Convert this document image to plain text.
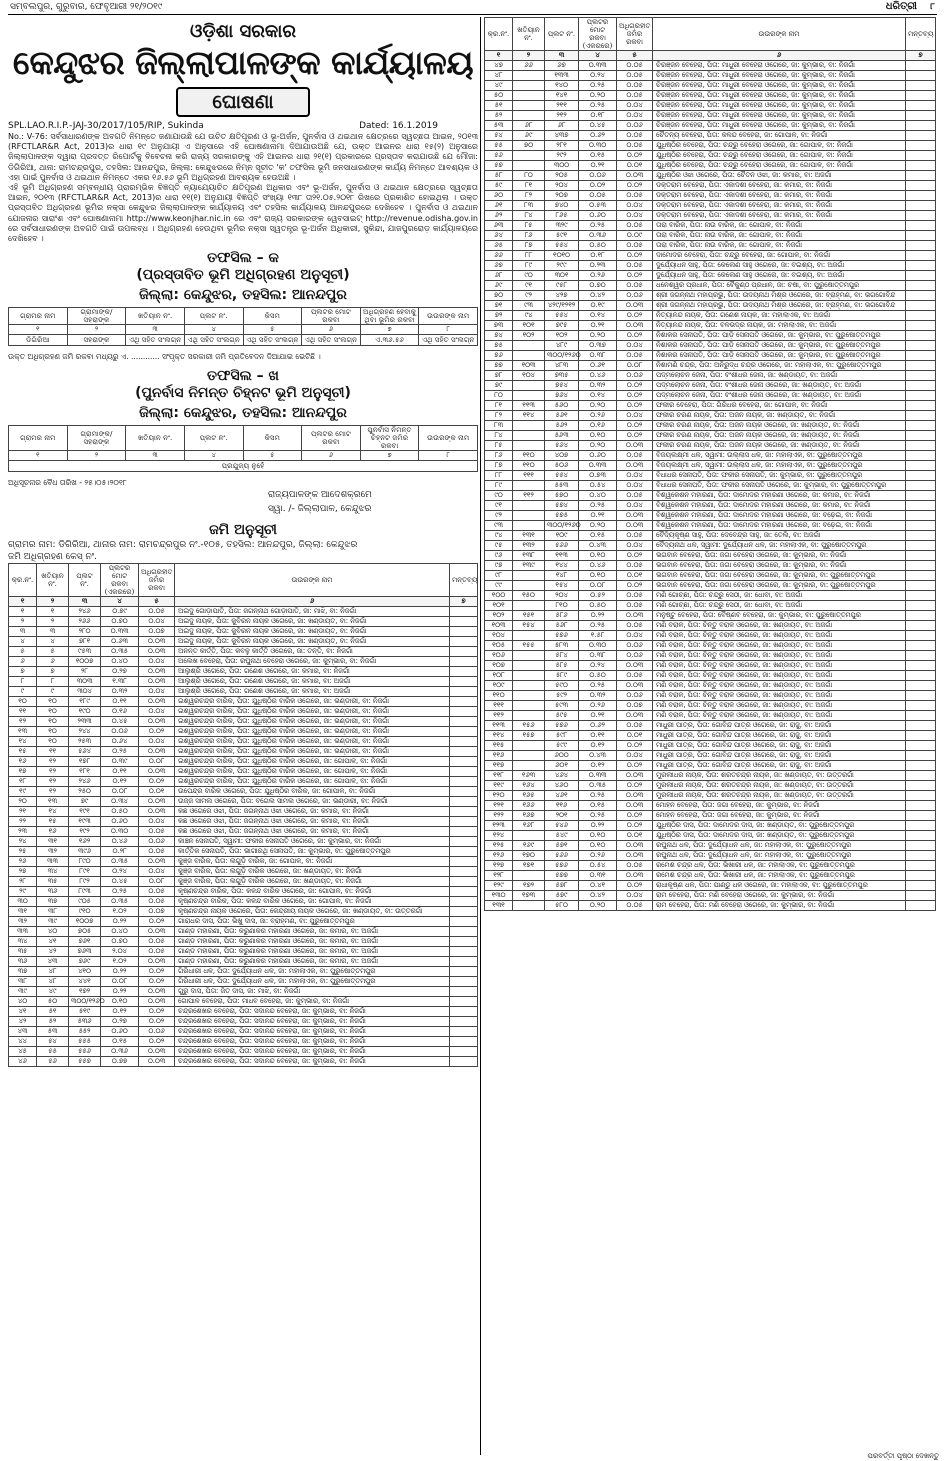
ସମ୍ବଲପୁର, ଗୁରୁବାର, ଫେବୃଆରୀ ୨୧/୨୦୧୯	ଧରିତ୍ରୀ ୮
ଓଡ଼ିଶା ସରକାର
କେନ୍ଦୁଝର ଜିଲ୍ଲାପାଳଙ୍କ କାର୍ଯ୍ୟାଳୟ
ଘୋଷଣା
SPL.LAO.R.I.P.-JAJ-30/2017/105/RIP, Sukinda	Dated: 16.1.2019

No.: V-76: ସର୍ବସାଧାରଣଙ୍କ ଅବଗତି ନିମନ୍ତେ ଜଣାଯାଉଛି ଯେ ଉଚିତ କ୍ଷତିପୂରଣ ଓ ଭୂ-ଅର୍ଜନ, ପୁନର୍ବାସ ଓ ଥଇଥାନ କ୍ଷେତ୍ରରେ ସ୍ୱଚ୍ଛତା ଆଇନ, ୨୦୧୩ (RFCTLAR&R Act, 2013)ର ଧାରା ୧୯ ଅନୁଯାୟୀ ଏ ଅନୁସାରେ ଏହି ଘୋଷଣାନାମା ଦିଆଯାଉଅଛି ଯେ, ଉକ୍ତ ଆଇନର ଧାରା ୧୫(୨) ଅନୁସାରେ ଜିଲ୍ଲାପାଳଙ୍କ ଦ୍ୱାରା ପ୍ରଦତ୍ତ ରିପୋର୍ଟକୁ ବିବେଚନା କରି ରାଜ୍ୟ ସରକାରଙ୍କୁ ଏହି ଆଇନର ଧାରା ୨୧(୧) ପ୍ରକାରରେ ପ୍ରସ୍ତାବ କରାଯାଉଛି ଯେ ମୌଜା: ଡିଗିରିଆ, ଥାନା: ରାମଚନ୍ଦ୍ରପୁର, ତହସିଲ: ଆନନ୍ଦପୁର, ଜିଲ୍ଲା: କେନ୍ଦୁଝରରେ ନିମ୍ନ ସୂଚୀତ 'କ' ତଫସିଲ ଭୂମି ଜନସାଧାରଣଙ୍କ କାର୍ଯ୍ୟ ନିମନ୍ତେ ଆବଶ୍ୟକ ଓ ଏହା ପାଇଁ ପୁନର୍ବାସ ଓ ଥଇଥାନ ନିମନ୍ତେ ଏକର ୧୬.୫୬ ଭୂମି ଅଧିଗ୍ରହଣ ଆବଶ୍ୟକ ହେଉଅଛି ।

ଏହି ଭୂମି ଅଧିଗ୍ରହଣ ସମ୍ବନ୍ଧୀୟ ପ୍ରାରମ୍ଭିକ ବିଜ୍ଞପ୍ତି ନ୍ୟାଯ୍ୟୋଚିତ କ୍ଷତିପୂରଣ ଅଧିକାର ଏବଂ ଭୂ-ଅର୍ଜନ, ପୁନର୍ବାସ ଓ ଥଇଥାନ କ୍ଷେତ୍ରରେ ସ୍ୱଚ୍ଛତା ଆଇନ, ୨୦୧୩ (RFCTLAR&R Act, 2013)ର ଧାରା ୧୧(୧) ଅନୁଯାୟୀ ବିଜ୍ଞପ୍ତି ସଂଖ୍ୟା ୧୩୮ ତା୨୧.୦୫.୨୦୧୮ ରିଖରେ ପ୍ରକାଶିତ ହୋଇଥିଲା । ଉକ୍ତ ପ୍ରସ୍ତାବିତ ଅଧିଗ୍ରହଣ ଭୂମିର ନକ୍ସା କେନ୍ଦୁଝର ଜିଲ୍ଲାପାଳଙ୍କ କାର୍ଯ୍ୟାଳୟ ଏବଂ ତହସିଲ କାର୍ଯ୍ୟାଳୟ ଆନନ୍ଦପୁରରେ ଦେଖିହେବ । ପୁନର୍ବାସ ଓ ଥଇଥାନ ଯୋଜନାର ସାରାଂଶ ଏବଂ ଘୋଷଣାନାମା http://www.keonjhar.nic.in ରେ ଏବଂ ରାଜ୍ୟ ସରକାରଙ୍କ ୱେବସାଇଟ୍ http://revenue.odisha.gov.in ରେ ସର୍ବସାଧାରଣଙ୍କ ଅବଗତି ପାଇଁ ଉପଲବ୍ଧ । ଅଧିଗ୍ରହଣ ହେଉଥିବା ଭୂମିର ନକ୍ସା ସ୍ୱତନ୍ତ୍ର ଭୂ-ଅର୍ଜନ ଅଧିକାରୀ, ସୁକିନ୍ଦା, ଯାଜପୁରରୋଡ଼ କାର୍ଯ୍ୟାଳୟରେ ଦେଖିହେବ ।

ତଫସିଲ – କ
(ପ୍ରସ୍ତାବିତ ଭୂମି ଅଧିଗ୍ରହଣ ଅନୁସୂଚୀ)
ଜିଲ୍ଲା: କେନ୍ଦୁଝର, ତହସିଲ: ଆନନ୍ଦପୁର
ଗ୍ରାମର ନାମ	ଗ୍ରାମାଙ୍କ/ ସହରାଙ୍କ	ଖତିୟାନ ନଂ.	ପ୍ଲଟ ନଂ.	କିସମ	ପ୍ଲଟର ମୋଟ ରକବା	ଅଧିଗ୍ରହଣ ହେବାକୁ ଥିବା ଭୂମିର ରକବା	ଉଉରଙ୍କ ନାମ
୧	୨	୩	୪	୫	୬	୭	୮
ଡିଗିରିଆ	ସହରାଙ୍କ	ଏଥି ସହିତ ସଂଲଗ୍ନ	ଏଥି ସହିତ ସଂଲଗ୍ନ	ଏଥି ସହିତ ସଂଲଗ୍ନ	ଏଥି ସହିତ ସଂଲଗ୍ନ	ଏ.୩୬.୫୬	ଏଥି ସହିତ ସଂଲଗ୍ନ

ଉକ୍ତ ଅଧିଗ୍ରହଣ ଜମି ରକବା ମଧ୍ୟରୁ ଏ. ............ ସଂପୃକ୍ତ ସରକାରୀ ଜମି ପ୍ରତିବେଦନ ଦିଆଯାଇ ଭେଟିଛି ।

ତଫସିଲ – ଖ
(ପୁନର୍ବାସ ନିମନ୍ତ ଚିହ୍ନଟ ଭୂମି ଅନୁସୂଚୀ)
ଜିଲ୍ଲା: କେନ୍ଦୁଝର, ତହସିଲ: ଆନନ୍ଦପୁର
ଗ୍ରାମର ନାମ	ଗ୍ରାମାଙ୍କ/ ସହରାଙ୍କ	ଖତିୟାନ ନଂ.	ପ୍ଲଟ ନଂ.	କିସମ	ପ୍ଲଟର ମୋଟ ରକବା	ପୁନର୍ବାସ ନିମନ୍ତ ଚିହ୍ନଟ ଜମିର ରକବା	ଉଉରଙ୍କ ନାମ
୧	୨	୩	୪	୫	୬	୭	୮
ପ୍ରଯୁଜ୍ୟ ନୁହେଁ							

ଅଧିସୂଚନାର ବୈଧ ତାରିଖ - ୨୫।୦୫।୨୦୧୮

ରାଜ୍ୟପାଳଙ୍କ ଆଦେଶକ୍ରମେ
ସ୍ୱା. /- ଜିଲ୍ଲାପାଳ, କେନ୍ଦୁଝର
ଜମି ଅନୁସୂଚୀ
ଗ୍ରାମର ନାମ: ଡିଗିରିଆ, ଥାନାର ନାମ: ରାମଚନ୍ଦ୍ରପୁର ନଂ.-୧୦୫, ତହସିଲ: ଆନନ୍ଦପୁର, ଜିଲ୍ଲା: କେନ୍ଦୁଝର
ଜମି ଅଧିଗ୍ରହଣ କେସ୍ ନଂ.
କ୍ର.ନଂ.	ଖତିୟାନ ନଂ.	ପ୍ଲଟ ନଂ.	ପ୍ଲଟର ମୋଟ ରକବା (ଏକରରେ)	ଅଧିଗ୍ରହୀତ ଜମିର ରକବା	ଉଉରଙ୍କ ନାମ	ମନ୍ତବ୍ୟ
୧	୨	୩	୪	୫	୬	୭
୧	୧	୨୪୬	୦.୭୯	୦.୦୫	ଅଇଦୁ ଗୋଡ଼ାପାତି, ପିତା: ଜଗନ୍ନାଥ ଗୋଡ଼ାପାତି, ଜା: ମାଝି, ବା: ନିଜଗାଁ	
୨	୨	୨୬୬	୦.୭୦	୦.୦୪	ଅଇଦୁ ନାୟକ, ପିତା: କୁବିରନ ନାୟକ ଓଗେରେ, ଜା: ଖଣ୍ଡାୟତ, ବା: ନିଜଗାଁ	
୩	୩	୨୮୦	୦.୩୩	୦.୦୭	ଅଇଦୁ ନାୟକ, ପିତା: କୁବିରନ ନାୟକ ଓଗେରେ, ଜା: ଖଣ୍ଡାୟତ, ବା: ନିଜଗାଁ	
୪	୪	୭୮୧	୦.୬୩	୦.୦୩	ଅଇଦୁ ନାୟକ, ପିତା: କୁବିରନ ନାୟକ ଓଗେରେ, ଜା: ଖଣ୍ଡାୟତ, ବା: ନିଜଗାଁ	
୫	୫	୯୫୩	୦.୩୫	୦.୦୩	ଅନନ୍ତ କାର୍ତ୍ତି, ପିତା: କବଳୁ କାର୍ତ୍ତି ଓଗେରେ, ଜା: ତନ୍ତି, ବା: ନିଜଗାଁ	
୬	୬	୧୦୦୭	୦.୪୦	୦.୦୪	ଅଲେଖ ବେହେରା, ପିତା: ରଘୁନାଥ ବେହେରା ଓଗେରେ, ଜା: କୁମ୍ଭାର, ବା: ନିଜଗାଁ	
୭	୭	୨୮	୦.୨୭	୦.୦୩	ଆଲୁଶ୍ରି ଓଗେରେ, ପିତା: ଗଣେଶ ଓଗେରେ, ଜା: କମାର, ବା: ନିଜଗାଁ	
୮	୮	୩୦୩	୧.୩୮	୦.୦୩	ଆଲୁଶ୍ରି ଓଗେରେ, ପିତା: ଗଣେଶ ଓଗେରେ, ଜା: କମାର, ବା: ଅଜଗାଁ	
୯	୯	୩୦୪	୦.୩୨	୦.୦୪	ଆଲୁଶ୍ରି ଓଗେରେ, ପିତା: ଗଣେଶ ଓଗେରେ, ଜା: କମାର, ବା: ଅଜଗାଁ	
୧୦	୧୦	୧୮୯	୦.୧୧	୦.୦୩	ଇଶ୍ୱରଚନ୍ଦ୍ର ବାରିକ, ପିତା: ଯୁଧିଷ୍ଠିର ବାରିକ ଓଗେରେ, ଜା: ଭଣ୍ଡାରୀ, ବା: ନିଜଗାଁ	
୧୧	୧୦	୧୯୦	୦.୧୬	୦.୦୪	ଇଶ୍ୱରଚନ୍ଦ୍ର ବାରିକ, ପିତା: ଯୁଧିଷ୍ଠିର ବାରିକ ଓଗେରେ, ଜା: ଭଣ୍ଡାରୀ, ବା: ନିଜଗାଁ	
୧୨	୧୦	୨୩୩	୦.୪୫	୦.୦୩	ଇଶ୍ୱରଚନ୍ଦ୍ର ବାରିକ, ପିତା: ଯୁଧିଷ୍ଠିର ବାରିକ ଓଗେରେ, ଜା: ଭଣ୍ଡାରୀ, ବା: ନିଜଗାଁ	
୧୩	୧୦	୨୪୪	୦.୦୬	୦.୦୨	ଇଶ୍ୱରଚନ୍ଦ୍ର ବାରିକ, ପିତା: ଯୁଧିଷ୍ଠିର ବାରିକ ଓଗେରେ, ଜା: ଭଣ୍ଡାରୀ, ବା: ନିଜଗାଁ	
୧୪	୧୦	୨୫୩	୦.୬୪	୦.୦୪	ଇଶ୍ୱରଚନ୍ଦ୍ର ବାରିକ, ପିତା: ଯୁଧିଷ୍ଠିର ବାରିକ ଓଗେରେ, ଜା: ଭଣ୍ଡାରୀ, ବା: ନିଜଗାଁ	
୧୫	୧୧	୫୬୪	୦.୨୫	୦.୦୩	ଇଶ୍ୱରଚନ୍ଦ୍ର ବାରିକ, ପିତା: ଯୁଧିଷ୍ଠିର ବାରିକ ଓଗେରେ, ଜା: ଭଣ୍ଡାରୀ, ବା: ନିଜଗାଁ	
୧୬	୧୨	୧୭୮	୦.୩୯	୦.୦୮	ଇଶ୍ୱରଚନ୍ଦ୍ର ବାରିକ, ପିତା: ଯୁଧିଷ୍ଠିର ବାରିକ ଓଗେରେ, ଜା: ଗୋପାଳ, ବା: ନିଜଗାଁ	
୧୭	୧୨	୧୮୧	୦.୧୧	୦.୦୩	ଇଶ୍ୱରଚନ୍ଦ୍ର ବାରିକ, ପିତା: ଯୁଧିଷ୍ଠିର ବାରିକ ଓଗେରେ, ଜା: ଗୋପାଳ, ବା: ନିଜଗାଁ	
୧୮	୧୨	୨୪୬	୦.୧୨	୦.୦୨	ଇଶ୍ୱରଚନ୍ଦ୍ର ବାରିକ, ପିତା: ଯୁଧିଷ୍ଠିର ବାରିକ ଓଗେରେ, ଜା: ଗୋପାଳ, ବା: ନିଜଗାଁ	
୧୯	୧୨	୨୫୦	୦.୦୮	୦.୦୧	ଉପେନ୍ଦ୍ର ବାରିକ ଓଗେରେ, ପିତା: ଯୁଧିଷ୍ଠିର ବାରିକ, ଜା: ଗୋପାଳ, ବା: ନିଜଗାଁ	
୨୦	୧୩	୭୯	୦.୩୪	୦.୦୩	ଉଜ୍ଜ ସାମଲ ଓଗେରେ, ପିତା: ବଗେଲ ସାମଲ ଓଗେରେ, ଜା: ଭଣ୍ଡାରୀ, ବା: ନିଜଗାଁ	
୨୧	୧୪	୧୯୧	୦.୫୦	୦.୦୩	କଛ ଓଗେରେ ଓଝା, ପିତା: ଜଗନ୍ନାଥ ଓଝା ଓଗେରେ, ଜା: କମାର, ବା: ନିଜଗାଁ	
୨୨	୧୫	୧୯୩	୦.୬୦	୦.୦୪	କଛ ଓଗେରେ ଓଝା, ପିତା: ଜଗନ୍ନାଥ ଓଝା ଓଗେରେ, ଜା: କମାର, ବା: ନିଜଗାଁ	
୨୩	୧୬	୧୯୨	୦.୩୦	୦.୦୫	କଛ ଓଗେରେ ଓଝା, ପିତା: ଜଗନ୍ନାଥ ଓଝା ଓଗେରେ, ଜା: କମାର, ବା: ନିଜଗାଁ	
୨୪	୩୧	୧୬୨	୦.୪୬	୦.୦୬	କାଞ୍ଚନ ସେନାପତି, ସ୍ୱାମୀ: ଫକୀର ସେନାପତି ଓଗେରେ, ଜା: କୁମ୍ଭାର, ବା: ନିଜଗାଁ	
୨୫	୩୨	୩୯୬	୦.୨୮	୦.୦୫	କାର୍ତ୍ତିକ ସେନାପତି, ପିତା: ଭାଗୀରଥି ସେନାପତି, ଜା: କୁମ୍ଭାର, ବା: ପୁରୁଷୋତ୍ତମପୁର	
୨୬	୩୩	୮୯୦	୦.୩୫	୦.୦୩	କୁଞ୍ଜ ବାରିକ, ପିତା: ଲଗୁଡ଼ି ବାରିକ, ଜା: ଗୋପାଳ, ବା: ନିଜଗାଁ	
୨୭	୩୪	୮୯୧	୦.୨୪	୦.୦୪	କୁଞ୍ଜ ବାରିକ, ପିତା: ଲଗୁଡ଼ି ବାରିକ ଓଗେରେ, ଜା: ଖଣ୍ଡାୟତ, ବା: ନିଜଗାଁ	
୨୮	୩୫	୮୯୨	୦.୪୫	୦.୦୮	କୁଞ୍ଜ ବାରିକ, ପିତା: ଲଗୁଡ଼ି ବାରିକ ଓଗେରେ, ଜା: ଖଣ୍ଡାୟତ, ବା: ନିଜଗାଁ	
୨୯	୩୬	୮୯୩	୦.୨୫	୦.୦୫	କୃଷ୍ଣଚନ୍ଦ୍ର ବାରିକ, ପିତା: କଳନ୍ଦ ବାରିକ ଓଗେରେ, ଜା: ଗୋପାଳ, ବା: ନିଜଗାଁ	
୩୦	୩୭	୯୦୫	୦.୩୫	୦.୦୫	କୃଷ୍ଣଚନ୍ଦ୍ର ବାରିକ, ପିତା: କଳନ୍ଦ ବାରିକ ଓଗେରେ, ଜା: ଗୋପାଳ, ବା: ନିଜଗାଁ	
୩୧	୩୮	୯୧୦	୧.୦୨	୦.୦୭	କୃଷ୍ଣଚନ୍ଦ୍ର ନାୟକ ଓଗେରେ, ପିତା: କେନ୍ଦ୍ରୀୟ ନାୟକ ଓଗେରେ, ଜା: ଖଣ୍ଡାୟତ, ବା: ଉତ୍ତରଗାଁ	
୩୨	୩୯	୧୦୦୭	୦.୨୨	୦.୦୨	ଗାରାଧର ଦାସ, ପିତା: ଭିଖୁ ଦାସ, ଜା: ବ୍ରାହ୍ମଣ, ବା: ପୁରୁଷୋତ୍ତମପୁର	
୩୩	୪୦	୭୦୫	୦.୪୦	୦.୦୩	ଗାଣ୍ଡ ମହାରଣା, ପିତା: କରୁଣାକର ମହାରଣା ଓଗେରେ, ଜା: କମାର, ବା: ଅଜଗାଁ	
୩୪	୪୧	୭୬୧	୦.୭୦	୦.୦୫	ଗାଣ୍ଡ ମହାରଣା, ପିତା: କରୁଣାକର ମହାରଣା ଓଗେରେ, ଜା: କମାର, ବା: ଅଜଗାଁ	
୩୫	୪୨	୭୬୩	୨.୦୪	୦.୦୫	ଗାଣ୍ଡ ମହାରଣା, ପିତା: କରୁଣାକର ମହାରଣା ଓଗେରେ, ଜା: କମାର, ବା: ଅଜଗାଁ	
୩୬	୪୩	୭୬୯	୧.୦୨	୦.୦୩	ଗାଣ୍ଡ ମହାରଣା, ପିତା: କରୁଣାକର ମହାରଣା ଓଗେରେ, ଜା: କମାର, ବା: ଅଜଗାଁ	
୩୭	୪୮	୪୧୦	୦.୨୨	୦.୦୨	ଗିରିଧାରୀ ଧଳ, ପିତା: ଦୁର୍ଯ୍ୟୋଧନ ଧଳ, ଜା: ମହାଲାଏକ, ବା: ପୁରୁଷୋତ୍ତମପୁର	
୩୮	୪୮	୪୪୧	୦.୦୮	୦.୦୨	ଗିରିଧାରୀ ଧଳ, ପିତା: ଦୁର୍ଯ୍ୟୋଧନ ଧଳ, ଜା: ମହାଲାଏକ, ବା: ପୁରୁଷୋତ୍ତମପୁର	
୩୯	୪୯	୧୭୨	୦.୨୨	୦.୦୩	ଗୁରୁ ଦାସ, ପିତା: ଜିତ ଦାସ, ଜା: ମାଝି, ବା: ନିଜଗାଁ	
୪୦	୫୦	୩୦୦/୧୨୬୦	୦.୧୦	୦.୦୩	ଗୋପାଳ ବେହେରା, ପିତା: ମାଧବ ବେହେରା, ଜା: କୁମ୍ଭାର, ବା: ନିଜଗାଁ	
୪୧	୫୧	୫୧୯	୦.୧୨	୦.୦୨	ଚନ୍ଦ୍ରଶେଖର ବେହେରା, ପିତା: ସଦାନନ୍ଦ ବେହେରା, ଜା: କୁମ୍ଭାର, ବା: ନିଜଗାଁ	
୪୨	୫୨	୫୩୬	୦.୨୭	୦.୦୨	ଚନ୍ଦ୍ରଶେଖର ବେହେରା, ପିତା: ସଦାନନ୍ଦ ବେହେରା, ଜା: କୁମ୍ଭାର, ବା: ନିଜଗାଁ	
୪୩	୫୩	୫୫୨	୦.୬୦	୦.୦୬	ଚନ୍ଦ୍ରଶେଖର ବେହେରା, ପିତା: ସଦାନନ୍ଦ ବେହେରା, ଜା: କୁମ୍ଭାର, ବା: ନିଜଗାଁ	
୪୪	୫୪	୫୫୫	୦.୧୫	୦.୦୨	ଚନ୍ଦ୍ରଶେଖର ବେହେରା, ପିତା: ସଦାନନ୍ଦ ବେହେରା, ଜା: କୁମ୍ଭାର, ବା: ନିଜଗାଁ	
୪୫	୫୫	୫୫୬	୦.୩୬	୦.୦୩	ଚନ୍ଦ୍ରଶେଖର ବେହେରା, ପିତା: ସଦାନନ୍ଦ ବେହେରା, ଜା: କୁମ୍ଭାର, ବା: ନିଜଗାଁ	
୪୬	୫୬	୫୫୭	୦.୭୭	୦.୦୩	ଚନ୍ଦ୍ରଶେଖର ବେହେରା, ପିତା: ସଦାନନ୍ଦ ବେହେରା, ଜା: କୁମ୍ଭାର, ବା: ନିଜଗାଁ	
କ୍ର.ନଂ.	ଖତିୟାନ ନଂ.	ପ୍ଲଟ ନଂ.	ପ୍ଲଟର ମୋଟ ରକବା (ଏକରରେ)	ଅଧିଗ୍ରହୀତ ଜମିର ରକବା	ଉଉରଙ୍କ ନାମ	ମନ୍ତବ୍ୟ
୧	୨	୩	୪	୫	୬	୭
୪୭	୬୬	୬୭	୦.୩୩	୦.୦୫	ଚିରଞ୍ଜନ ବେହେରା, ପିତା: ମାଧୁରୀ ବେହେରା ଓଗେରେ, ଜା: କୁମ୍ଭାର, ବା: ନିଜଗାଁ	
୪୮		୧୩୩	୦.୨୪	୦.୦୫	ଚିରଞ୍ଜନ ବେହେରା, ପିତା: ମାଧୁରୀ ବେହେରା ଓଗେରେ, ଜା: କୁମ୍ଭାର, ବା: ନିଜଗାଁ	
୪୯		୧୪୦	୦.୨୫	୦.୦୫	ଚିରଞ୍ଜନ ବେହେରା, ପିତା: ମାଧୁରୀ ବେହେରା ଓଗେରେ, ଜା: କୁମ୍ଭାର, ବା: ନିଜଗାଁ	
୫୦		୧୪୧	୦.୨୦	୦.୦୫	ଚିରଞ୍ଜନ ବେହେରା, ପିତା: ମାଧୁରୀ ବେହେରା ଓଗେରେ, ଜା: କୁମ୍ଭାର, ବା: ନିଜଗାଁ	
୫୧		୨୧୧	୦.୨୫	୦.୦୪	ଚିରଞ୍ଜନ ବେହେରା, ପିତା: ମାଧୁରୀ ବେହେରା ଓଗେରେ, ଜା: କୁମ୍ଭାର, ବା: ନିଜଗାଁ	
୫୨		୨୧୨	୦.୧୮	୦.୦୪	ଚିରଞ୍ଜନ ବେହେରା, ପିତା: ମାଧୁରୀ ବେହେରା ଓଗେରେ, ଜା: କୁମ୍ଭାର, ବା: ନିଜଗାଁ	
୫୩	୬୮	୬୮	୦.୪୫	୦.୦୬	ଚିରଞ୍ଜନ ବେହେରା, ପିତା: ମାଧୁରୀ ବେହେରା ଓଗେରେ, ଜା: କୁମ୍ଭାର, ବା: ନିଜଗାଁ	
୫୪	୬୯	୪୩୭	୦.୬୨	୦.୦୫	ଚୈତନ୍ୟ ବେହେରା, ପିତା: କଳନ୍ଦ ବେହେରା, ଜା: ଗୋପାଳ, ବା: ନିଜଗାଁ	
୫୫	୭୦	୨୮୧	୦.୩୦	୦.୦୫	ଯୁଧିଷ୍ଠିର ବେହେରା, ପିତା: ଚନ୍ଦ୍ରୁ ବେହେରା ଓଗେରେ, ଜା: ଗୋପାଳ, ବା: ନିଜଗାଁ	
୫୬		୨୯୨	୦.୧୫	୦.୦୨	ଯୁଧିଷ୍ଠିର ବେହେରା, ପିତା: ଚନ୍ଦ୍ରୁ ବେହେରା ଓଗେରେ, ଜା: ଗୋପାଳ, ବା: ନିଜଗାଁ	
୫୭		୩୦୦	୦.୨୧	୦.୦୧	ଯୁଧିଷ୍ଠିର ବେହେରା, ପିତା: ଚନ୍ଦ୍ରୁ ବେହେରା ଓଗେରେ, ଜା: ଗୋପାଳ, ବା: ନିଜଗାଁ	
୫୮	୮୦	୨୦୫	୦.୦୬	୦.୦୩	ଯୁଧିଷ୍ଠିର ଓଝା ଓଗେରେ, ପିତା: ଚୈତନ ଓଝା, ଜା: କମାର, ବା: ଅଜଗାଁ	
୫୯	୮୧	୨୦୪	୦.୦୨	୦.୦୨	ଡକ୍ତରାମ ବେହେରା, ପିତା: ଏକାଦଶୀ ବେହେରା, ଜା: କମାର, ବା: ନିଜଗାଁ	
୬୦	୮୨	୨୦୭	୦.୦୫	୦.୦୫	ଡକ୍ତରାମ ବେହେରା, ପିତା: ଏକାଦଶୀ ବେହେରା, ଜା: କମାର, ବା: ନିଜଗାଁ	
୬୧	୮୩	୭୪୦	୦.୫୩	୦.୦୪	ଡକ୍ତରାମ ବେହେରା, ପିତା: ଏକାଦଶୀ ବେହେରା, ଜା: କମାର, ବା: ନିଜଗାଁ	
୬୨	୮୪	୮୬୫	୦.୬୦	୦.୦୪	ଡକ୍ତରାମ ବେହେରା, ପିତା: ଏକାଦଶୀ ବେହେରା, ଜା: କମାର, ବା: ନିଜଗାଁ	
୬୩	୮୫	୩୨୯	୦.୨୫	୦.୦୫	ତାରା ବାରିକ, ପିତା: ନାଉ ବାରିକ, ଜା: ଗୋପାଳ, ବା: ନିଜଗାଁ	
୬୪	୮୬	୫୯୧	୦.୩୬	୦.୦୯	ତାରା ବାରିକ, ପିତା: ନାଉ ବାରିକ, ଜା: ଗୋପାଳ, ବା: ନିଜଗାଁ	
୬୫	୮୭	୫୫୪	୦.୫୦	୦.୦୫	ତାରା ବାରିକ, ପିତା: ନାଉ ବାରିକ, ଜା: ଗୋପାଳ, ବା: ନିଜଗାଁ	
୬୬	୮୮	୧୦୧୦	୦.୧୮	୦.୦୨	ଦାମୋଦର ବେହେରା, ପିତା: ଚନ୍ଦ୍ରୁ ବେହେରା, ଜା: ଗୋପାଳ, ବା: ନିଜଗାଁ	
୬୭	୮୯	୨୯୯	୦.୨୩	୦.୦୫	ଦୁର୍ଯ୍ୟୋଧନ ସାହୁ, ପିତା: କେଲେଣ ସାହୁ ଓଗେରେ, ଜା: ବଇଶ୍ୟ, ବା: ଅଜଗାଁ	
୬୮	୯୦	୩୦୧	୦.୨୬	୦.୦୨	ଦୁର୍ଯ୍ୟୋଧନ ସାହୁ, ପିତା: କେଲେଣ ସାହୁ ଓଗେରେ, ଜା: ବଇଶ୍ୟ, ବା: ଅଜଗାଁ	
୬୯	୯୧	୯୫୮	୦.୭୦	୦.୦୫	ଧନେଶ୍ୱର ପ୍ରଧାନ, ପିତା: ବୈକୁଣ୍ଠ ପ୍ରଧାନ, ଜା: ଚଷା, ବା: ପୁରୁଷୋତ୍ତମପୁର	
୭୦	୯୨	୪୨୭	୦.୪୨	୦.୦୬	ଶ୍ରୀ ଜଗନ୍ନାଥ ମହାପ୍ରଭୁ, ପିତା: ଉଦୟନାଥ ମିଶ୍ର ଓଗେରେ, ଜା: ବ୍ରାହ୍ମଣ, ବା: ଭଗଗୋବିନ୍ଦ	
୭୧	୯୩	୪୨୯/୧୨୧୨	୦.୧୯	୦.୦୩	ଶ୍ରୀ ଜଗନ୍ନାଥ ମହାପ୍ରଭୁ, ପିତା: ଉଦୟନାଥ ମିଶ୍ର ଓଗେରେ, ଜା: ବ୍ରାହ୍ମଣ, ବା: ଭଗଗୋବିନ୍ଦ	
୭୨	୯୪	୫୫୪	୦.୧୪	୦.୦୨	ନିତ୍ୟାନନ୍ଦ ନାୟକ, ପିତା: ଗଣେଶ ନାୟକ, ଜା: ମହାଲାଏକ, ବା: ଅଜଗାଁ	
୭୩	୧୦୧	୭୯୫	୦.୨୧	୦.୦୩	ନିତ୍ୟାନନ୍ଦ ନାୟକ, ପିତା: ବଳଭଦ୍ର ନାୟକ, ଜା: ମହାଲାଏକ, ବା: ଅଜଗାଁ	
୭୪	୧୦୨	୧୦୨	୦.୨୦	୦.୦୨	ନିଶାକର ସେନାପତି, ପିତା: ପାଡ଼ି ସେନାପତି ଓଗେରେ, ଜା: କୁମ୍ଭାର, ବା: ପୁରୁଷୋତ୍ତମପୁର	
୭୫		୪୮୯	୦.୩୭	୦.୦୪	ନିଶାକର ସେନାପତି, ପିତା: ପାଡ଼ି ସେନାପତି ଓଗେରେ, ଜା: କୁମ୍ଭାର, ବା: ପୁରୁଷୋତ୍ତମପୁର	
୭୬		୩୦୦/୧୨୬୦	୦.୩୮	୦.୦୫	ନିଶାକର ସେନାପତି, ପିତା: ପାଡ଼ି ସେନାପତି ଓଗେରେ, ଜା: କୁମ୍ଭାର, ବା: ପୁରୁଷୋତ୍ତମପୁର	
୭୭	୧୦୩	୪୮୩	୦.୬୧	୦.୦୮	ନିଶାମଣି ଚନ୍ଦ୍ର, ପିତା: ଅନିରୁଦ୍ଧ ଚନ୍ଦ୍ର ଓଗେରେ, ଜା: ମହାଲାଏକ, ବା: ପୁରୁଷୋତ୍ତମପୁର	
୭୮	୧୦୪	୭୩୫	୦.୪୬	୦.୦୬	ପଦ୍ମଲୋଚନ ଜେନା, ପିତା: ବଂଶୀଧର ଜେନା, ଜା: ଖଣ୍ଡାୟତ, ବା: ଅଜଗାଁ	
୭୯		୭୫୪	୦.୩୨	୦.୦୨	ପଦ୍ମଲୋଚନ ଜେନା, ପିତା: ବଂଶୀଧର ଜେନା ଓଗେରେ, ଜା: ଖଣ୍ଡାୟତ, ବା: ଅଜଗାଁ	
୮୦		୭୬୪	୦.୧୪	୦.୦୨	ପଦ୍ମଲୋଚନ ଜେନା, ପିତା: ବଂଶୀଧର ଜେନା ଓଗେରେ, ଜା: ଖଣ୍ଡାୟତ, ବା: ଅଜଗାଁ	
୮୧	୧୧୩	୫୬୦	୦.୨୦	୦.୦୨	ଫକୀର ବେହେରା, ପିତା: ଗିରିଧର ବେହେରା, ଜା: ଗୋପାଳ, ବା: ନିଜଗାଁ	
୮୨	୧୧୪	୫୬୧	୦.୨୬	୦.୦୪	ଫକୀର ଚରଣ ନାୟକ, ପିତା: ଅଜନ ନାୟକ, ଜା: ଖଣ୍ଡାୟତ, ବା: ନିଜଗାଁ	
୮୩		୫୬୨	୦.୧୬	୦.୦୨	ଫକୀର ଚରଣ ନାୟକ, ପିତା: ଅଜନ ନାୟକ ଓଗେରେ, ଜା: ଖଣ୍ଡାୟତ, ବା: ନିଜଗାଁ	
୮୪		୫୬୩	୦.୧୦	୦.୦୨	ଫକୀର ଚରଣ ନାୟକ, ପିତା: ଅଜନ ନାୟକ ଓଗେରେ, ଜା: ଖଣ୍ଡାୟତ, ବା: ନିଜଗାଁ	
୮୫		୫୬୪	୦.୨୦	୦.୦୩	ଫକୀର ଚରଣ ନାୟକ, ପିତା: ଅଜନ ନାୟକ ଓଗେରେ, ଜା: ଖଣ୍ଡାୟତ, ବା: ନିଜଗାଁ	
୮୬	୧୧୦	୪୦୭	୦.୬୦	୦.୦୫	ବିଜୟଲକ୍ଷ୍ମୀ ଧଳ, ସ୍ୱାମୀ: ଉଲ୍ଲାସ ଧଳ, ଜା: ମହାଲାଏକ, ବା: ପୁରୁଷୋତ୍ତମପୁର	
୮୭	୧୧୦	୫୦୬	୦.୩୩	୦.୦୩	ବିଜୟଲକ୍ଷ୍ମୀ ଧଳ, ସ୍ୱାମୀ: ଉଲ୍ଲାସ ଧଳ, ଜା: ମହାଲାଏକ, ବା: ପୁରୁଷୋତ୍ତମପୁର	
୮୮	୧୧୧	୫୫୪	୦.୭୩	୦.୦୪	ବିଧାଧର ସେନାପତି, ପିତା: ଫକୀର ସେନାପତି, ଜା: କୁମ୍ଭାର, ବା: ପୁରୁଷୋତ୍ତମପୁର	
୮୯		୫୫୩	୦.୫୪	୦.୦୪	ବିଧାଧର ସେନାପତି, ପିତା: ଫକୀର ସେନାପତି ଓଗେରେ, ଜା: କୁମ୍ଭାର, ବା: ପୁରୁଷୋତ୍ତମପୁର	
୯୦	୧୧୨	୫୭୦	୦.୪୦	୦.୦୫	ବିଶ୍ୱକେଶନ ମହାରଣା, ପିତା: ଦାମୋଦର ମହାରଣା ଓଗେରେ, ଜା: କମାର, ବା: ନିଜଗାଁ	
୯୧		୫୭୪	୦.୨୫	୦.୦୪	ବିଶ୍ୱକେଶନ ମହାରଣା, ପିତା: ଦାମୋଦର ମହାରଣା ଓଗେରେ, ଜା: କମାର, ବା: ନିଜଗାଁ	
୯୨		୫୭୫	୦.୨୧	୦.୦୩	ବିଶ୍ୱକେଶନ ମହାରଣା, ପିତା: ଦାମୋଦର ମହାରଣା ଓଗେରେ, ଜା: ବଢ଼େଇ, ବା: ନିଜଗାଁ	
୯୩		୩୦୦/୧୨୬୦	୦.୨୦	୦.୦୩	ବିଶ୍ୱକେଶନ ମହାରଣା, ପିତା: ଦାମୋଦର ମହାରଣା ଓଗେରେ, ଜା: ବଢ଼େଇ, ବା: ନିଜଗାଁ	
୯୪	୧୩୧	୧୦୯	୦.୧୫	୦.୦୫	ବୈଦ୍ୟିକୃଷ୍ଣ ସାହୁ, ପିତା: ଦେବେନ୍ଦ୍ର ସାହୁ, ଜା: ତେଲି, ବା: ଅଜଗାଁ	
୯୫	୧୩୨	୫୬୬	୦.୪୩	୦.୦୪	ବୈଦ୍ୟନାଥ ଧଳ, ସ୍ୱାମୀ: ଦୁର୍ଯ୍ୟୋଧନ ଧଳ, ଜା: ମହାଲାଏକ, ବା: ପୁରୁଷୋତ୍ତମପୁର	
୯୬	୧୩୮	୧୧୩	୦.୧୦	୦.୦୨	ଭଗବାନ ବେହେରା, ପିତା: ଜଗା ବେହେରା ଓଗେରେ, ଜା: କୁମ୍ଭାର, ବା: ନିଜଗାଁ	
୯୭	୧୩୯	୧୪୪	୦.୪୬	୦.୦୫	ଭଗବାନ ବେହେରା, ପିତା: ଜଗା ବେହେରା ଓଗେରେ, ଜା: କୁମ୍ଭାର, ବା: ନିଜଗାଁ	
୯୮		୧୪୮	୦.୧୦	୦.୦୧	ଭଗବାନ ବେହେରା, ପିତା: ଜଗା ବେହେରା ଓଗେରେ, ଜା: କୁମ୍ଭାର, ବା: ପୁରୁଷୋତ୍ତମପୁର	
୯୯		୧୫୪	୦.୦୮	୦.୦୨	ଭଗବାନ ବେହେରା, ପିତା: ଜଗା ବେହେରା ଓଗେରେ, ଜା: କୁମ୍ଭାର, ବା: ପୁରୁଷୋତ୍ତମପୁର	
୧୦୦	୧୫୦	୨୦୪	୦.୫୨	୦.୦୫	ମଣି ଗୋଚ୍ଛା, ପିତା: ଚନ୍ଦ୍ରୁ ସେଠୀ, ଜା: ଧୋବା, ବା: ଅଜଗାଁ	
୧୦୧		୮୧୦	୦.୫୦	୦.୦୫	ମଣି ଗୋଚ୍ଛା, ପିତା: ଚନ୍ଦ୍ରୁ ସେଠୀ, ଜା: ଧୋବା, ବା: ଅଜଗାଁ	
୧୦୨	୧୫୧	୫୮୬	୦.୨୨	୦.୦୩	ମନୁଷ୍ଟୁ ବେହେରା, ପିତା: ବୈଷ୍ଣବ ବେହେରା, ଜା: କୁମ୍ଭାର, ବା: ପୁରୁଷୋତ୍ତମପୁର	
୧୦୩	୧୫୪	୫୬୮	୦.୨୫	୦.୦୫	ମଣି ବରାଳ, ପିତା: ଚିନ୍ତୁ ବରାଳ ଓଗେରେ, ଜା: ଖଣ୍ଡାୟତ, ବା: ଅଜଗାଁ	
୧୦୪		୫୭୬	୧.୫୮	୦.୦୪	ମଣି ବରାଳ, ପିତା: ଚିନ୍ତୁ ବରାଳ ଓଗେରେ, ଜା: ଖଣ୍ଡାୟତ, ବା: ଅଜଗାଁ	
୧୦୫	୧୫୫	୫୮୩	୦.୩୦	୦.୦୬	ମଣି ବରାଳ, ପିତା: ଚିନ୍ତୁ ବରାଳ ଓଗେରେ, ଜା: ଖଣ୍ଡାୟତ, ବା: ଅଜଗାଁ	
୧୦୬		୫୮୪	୦.୩୮	୦.୦୬	ମଣି ବରାଳ, ପିତା: ଚିନ୍ତୁ ବରାଳ ଓଗେରେ, ଜା: ଖଣ୍ଡାୟତ, ବା: ଅଜଗାଁ	
୧୦୭		୫୮୫	୦.୨୪	୦.୦୩	ମଣି ବରାଳ, ପିତା: ଚିନ୍ତୁ ବରାଳ ଓଗେରେ, ଜା: ଖଣ୍ଡାୟତ, ବା: ଅଜଗାଁ	
୧୦୮		୫୮୯	୦.୫୦	୦.୦୫	ମଣି ବରାଳ, ପିତା: ଚିନ୍ତୁ ବରାଳ ଓଗେରେ, ଜା: ଖଣ୍ଡାୟତ, ବା: ଅଜଗାଁ	
୧୦୯		୫୯୦	୦.୨୫	୦.୦୩	ମଣି ବରାଳ, ପିତା: ଚିନ୍ତୁ ବରାଳ ଓଗେରେ, ଜା: ଖଣ୍ଡାୟତ, ବା: ଅଜଗାଁ	
୧୧୦		୫୯୨	୦.୩୨	୦.୦୬	ମଣି ବରାଳ, ପିତା: ଚିନ୍ତୁ ବରାଳ ଓଗେରେ, ଜା: ଖଣ୍ଡାୟତ, ବା: ଅଜଗାଁ	
୧୧୧		୫୯୩	୦.୨୬	୦.୦୭	ମଣି ବରାଳ, ପିତା: ଚିନ୍ତୁ ବରାଳ ଓଗେରେ, ଜା: ଖଣ୍ଡାୟତ, ବା: ଅଜଗାଁ	
୧୧୨		୫୯୫	୦.୨୧	୦.୦୩	ମଣି ବରାଳ, ପିତା: ଚିନ୍ତୁ ବରାଳ ଓଗେରେ, ଜା: ଖଣ୍ଡାୟତ, ବା: ଅଜଗାଁ	
୧୧୩	୧୫୬	୫୭୬	୦.୬୨	୦.୦୫	ମାଧୁରୀ ପାତ୍ର, ପିତା: ଗୋବିନ୍ଦ ପାତ୍ର ଓଗେରେ, ଜା: ରାଜୁ, ବା: ଅଜଗାଁ	
୧୧୪	୧୫୭	୫୯୮	୦.୧୧	୦.୦୧	ମାଧୁରୀ ପାତ୍ର, ପିତା: ଗୋବିନ୍ଦ ପାତ୍ର ଓଗେରେ, ଜା: ରାଜୁ, ବା: ଅଜଗାଁ	
୧୧୫		୫୯୯	୦.୧୨	୦.୦୨	ମାଧୁରୀ ପାତ୍ର, ପିତା: ଗୋବିନ୍ଦ ପାତ୍ର ଓଗେରେ, ଜା: ରାଜୁ, ବା: ଅଜଗାଁ	
୧୧୬		୬୦୦	୦.୪୩	୦.୦୪	ମାଧୁରୀ ପାତ୍ର, ପିତା: ଗୋବିନ୍ଦ ପାତ୍ର ଓଗେରେ, ଜା: ରାଜୁ, ବା: ଅଜଗାଁ	
୧୧୭		୬୦୧	୦.୧୨	୦.୦୨	ମାଧୁରୀ ପାତ୍ର, ପିତା: ଗୋବିନ୍ଦ ପାତ୍ର ଓଗେରେ, ଜା: ରାଜୁ, ବା: ଅଜଗାଁ	
୧୧୮	୧୬୩	୪୬୪	୦.୩୩	୦.୦୩	ମୁରଲୀଧର ନାୟକ, ପିତା: ଶରତଚନ୍ଦ୍ର ନାୟକ, ଜା: ଖଣ୍ଡାୟତ, ବା: ଉତ୍ତରଗାଁ	
୧୧୯	୧୬୪	୪୬୦	୦.୩୫	୦.୦୨	ମୁରଲୀଧର ନାୟକ, ପିତା: ଶରତଚନ୍ଦ୍ର ନାୟକ, ଜା: ଖଣ୍ଡାୟତ, ବା: ଉତ୍ତରଗାଁ	
୧୨୦	୧୬୫	୪୬୧	୦.୨୫	୦.୦୩	ମୁରଲୀଧର ନାୟକ, ପିତା: ଶରତଚନ୍ଦ୍ର ନାୟକ, ଜା: ଖଣ୍ଡାୟତ, ବା: ଉତ୍ତରଗାଁ	
୧୨୧	୧୬୬	୧୧୬	୦.୧୫	୦.୦୩	ମୋହନ ବେହେରା, ପିତା: ଜଗା ବେହେରା, ଜା: କୁମ୍ଭାର, ବା: ନିଜଗାଁ	
୧୨୨	୧୬୭	୨୦୧	୦.୨୫	୦.୦୨	ମୋହନ ବେହେରା, ପିତା: ଜଗା ବେହେରା, ଜା: କୁମ୍ଭାର, ବା: ନିଜଗାଁ	
୧୨୩	୧୬୮	୫୪୬	୦.୨୨	୦.୦୨	ଯୁଧିଷ୍ଠିର ଦାସ, ପିତା: ଦାମୋଦର ଦାସ, ଜା: ଖଣ୍ଡାୟତ, ବା: ପୁରୁଷୋତ୍ତମପୁର	
୧୨୪		୫୪୯	୦.୧୦	୦.୦୧	ଯୁଧିଷ୍ଠିର ଦାସ, ପିତା: ଦାମୋଦର ଦାସ, ଜା: ଖଣ୍ଡାୟତ, ବା: ପୁରୁଷୋତ୍ତମପୁର	
୧୨୫	୧୬୯	୫୭୧	୦.୧୦	୦.୦୩	ରଘୁନାଥ ଧଳ, ପିତା: ଦୁର୍ଯ୍ୟୋଧନ ଧଳ, ଜା: ମହାଲାଏକ, ବା: ପୁରୁଷୋତ୍ତମପୁର	
୧୨୬	୧୭୦	୫୬୬	୦.୨୬	୦.୦୩	ରଘୁନାଥ ଧଳ, ପିତା: ଦୁର୍ଯ୍ୟୋଧନ ଧଳ, ଜା: ମହାଲାଏକ, ବା: ପୁରୁଷୋତ୍ତମପୁର	
୧୨୭	୧୭୧	୫୭୬	୦.୫୪	୦.୦୫	ରମେଶ ଚନ୍ଦ୍ର ଧଳ, ପିତା: ଭିଖାରୀ ଧଳ, ଜା: ମହାଲାଏକ, ବା: ପୁରୁଷୋତ୍ତମପୁର	
୧୨୮		୫୭୭	୦.୩୧	୦.୦୩	ରମେଶ ଚନ୍ଦ୍ର ଧଳ, ପିତା: ଭିଖାରୀ ଧଳ, ଜା: ମହାଲାଏକ, ବା: ପୁରୁଷୋତ୍ତମପୁର	
୧୨୯	୧୭୨	୫୭୮	୦.୪୧	୦.୦୨	ରାଧାକୃଷ୍ଣ ଧଳ, ପିତା: ପାଣ୍ଡୁ ଧଳ ଓଗେରେ, ଜା: ମହାଲାଏକ, ବା: ପୁରୁଷୋତ୍ତମପୁର	
୧୩୦	୧୭୩	୫୭୯	୦.୪୨	୦.୦୪	ରାମ ବେହେରା, ପିତା: ମଣି ବେହେରା ଓଗେରେ, ଜା: କୁମ୍ଭାର, ବା: ନିଜଗାଁ	
୧୩୧		୫୮୦	୦.୨୦	୦.୦୫	ରାମ ବେହେରା, ପିତା: ମଣି ବେହେରା ଓଗେରେ, ଜା: କୁମ୍ଭାର, ବା: ନିଜଗାଁ	
ପରବର୍ତ୍ତୀ ପୃଷ୍ଠା ଦେଖନ୍ତୁ
